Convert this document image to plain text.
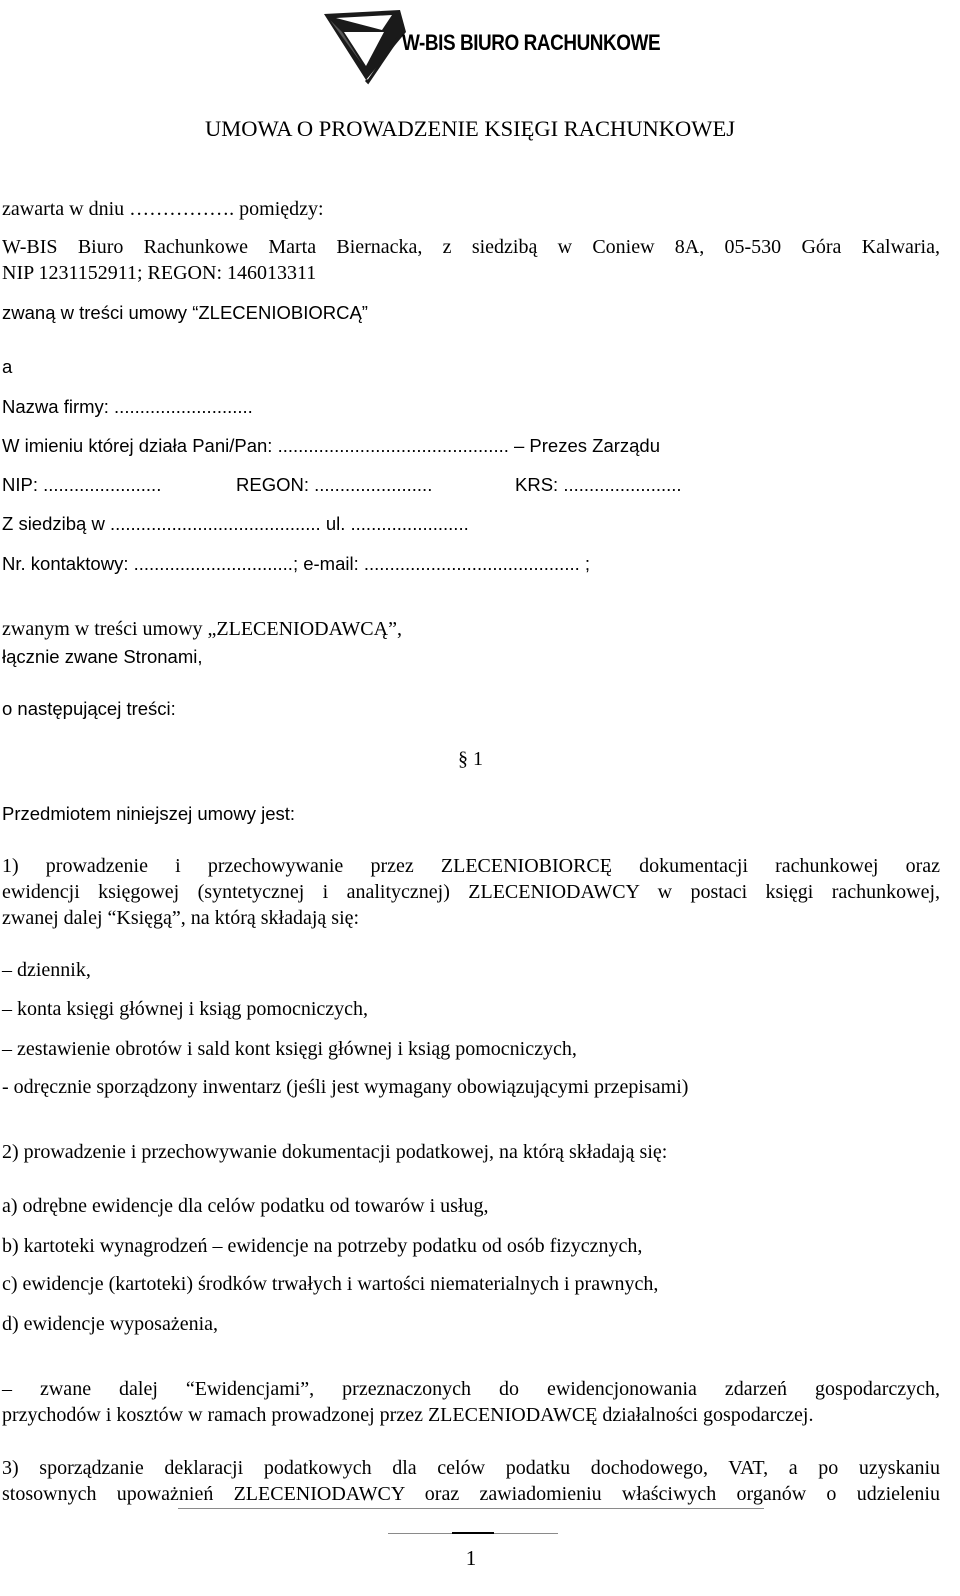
W-BIS BIURO RACHUNKOWE
UMOWA O PROWADZENIE KSIĘGI RACHUNKOWEJ
zawarta w dniu ……………. pomiędzy:
W-BIS Biuro Rachunkowe Marta Biernacka, z siedzibą w Coniew 8A, 05-530 Góra Kalwaria,
NIP 1231152911; REGON: 146013311
zwaną w treści umowy “ZLECENIOBIORCĄ”
a
Nazwa firmy: ...........................
W imieniu której działa Pani/Pan: ............................................. – Prezes Zarządu
NIP: .......................	REGON: .......................	KRS: .......................
Z siedzibą w ......................................... ul. .......................
Nr. kontaktowy: ...............................; e-mail: .......................................... ;
zwanym w treści umowy „ZLECENIODAWCĄ”,
łącznie zwane Stronami,
o następującej treści:
§ 1
Przedmiotem niniejszej umowy jest:
1) prowadzenie i przechowywanie przez ZLECENIOBIORCĘ dokumentacji rachunkowej oraz
ewidencji księgowej (syntetycznej i analitycznej) ZLECENIODAWCY w postaci księgi rachunkowej,
zwanej dalej “Księgą”, na którą składają się:
– dziennik,
– konta księgi głównej i ksiąg pomocniczych,
– zestawienie obrotów i sald kont księgi głównej i ksiąg pomocniczych,
- odręcznie sporządzony inwentarz (jeśli jest wymagany obowiązującymi przepisami)
2) prowadzenie i przechowywanie dokumentacji podatkowej, na którą składają się:
a) odrębne ewidencje dla celów podatku od towarów i usług,
b) kartoteki wynagrodzeń – ewidencje na potrzeby podatku od osób fizycznych,
c) ewidencje (kartoteki) środków trwałych i wartości niematerialnych i prawnych,
d) ewidencje wyposażenia,
– zwane dalej “Ewidencjami”, przeznaczonych do ewidencjonowania zdarzeń gospodarczych,
przychodów i kosztów w ramach prowadzonej przez ZLECENIODAWCĘ działalności gospodarczej.
3) sporządzanie deklaracji podatkowych dla celów podatku dochodowego, VAT, a po uzyskaniu
stosownych upoważnień ZLECENIODAWCY oraz zawiadomieniu właściwych organów o udzieleniu
1
